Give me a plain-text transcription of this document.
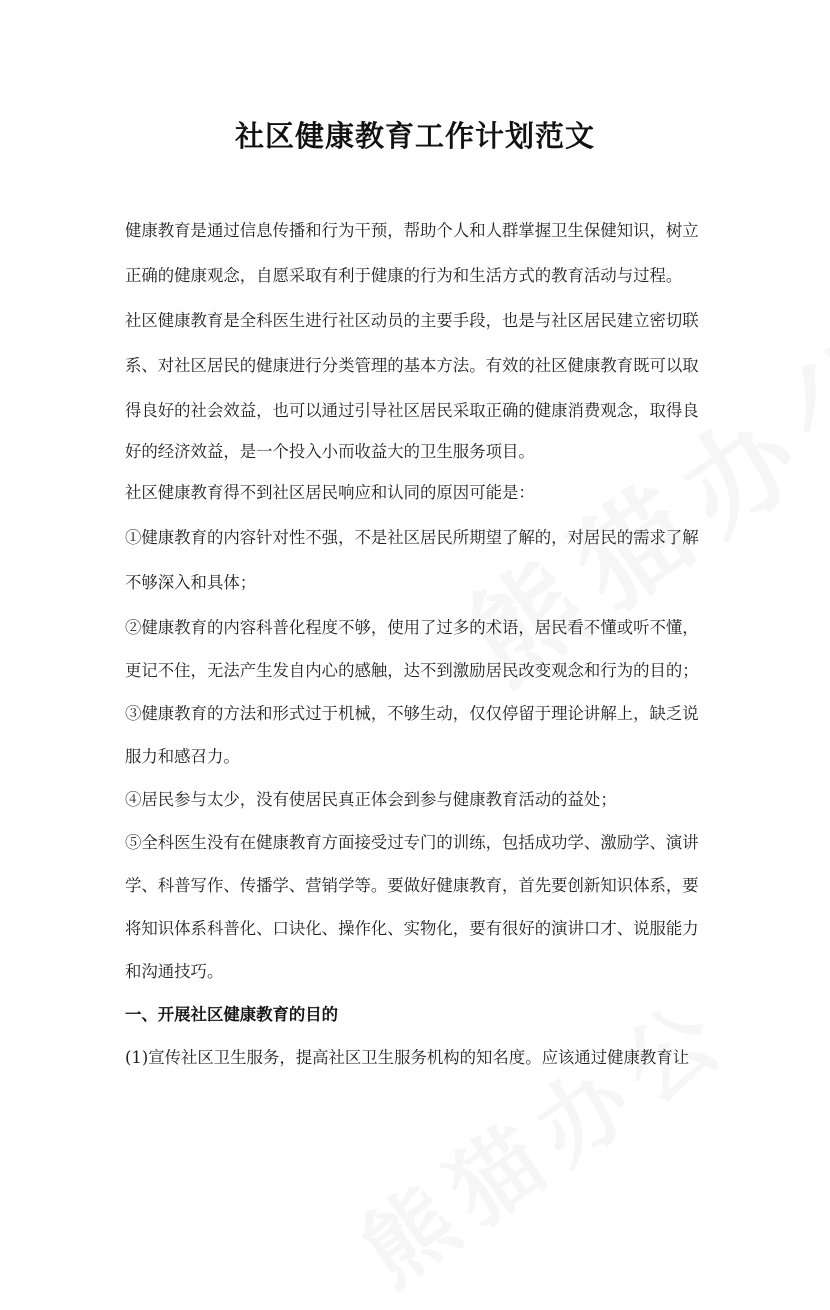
社区健康教育工作计划范文
健康教育是通过信息传播和行为干预，帮助个人和人群掌握卫生保健知识，树立
正确的健康观念，自愿采取有利于健康的行为和生活方式的教育活动与过程。
社区健康教育是全科医生进行社区动员的主要手段，也是与社区居民建立密切联
系、对社区居民的健康进行分类管理的基本方法。有效的社区健康教育既可以取
得良好的社会效益，也可以通过引导社区居民采取正确的健康消费观念，取得良
好的经济效益，是一个投入小而收益大的卫生服务项目。
社区健康教育得不到社区居民响应和认同的原因可能是：
①健康教育的内容针对性不强，不是社区居民所期望了解的，对居民的需求了解
不够深入和具体；
②健康教育的内容科普化程度不够，使用了过多的术语，居民看不懂或听不懂，
更记不住，无法产生发自内心的感触，达不到激励居民改变观念和行为的目的；
③健康教育的方法和形式过于机械，不够生动，仅仅停留于理论讲解上，缺乏说
服力和感召力。
④居民参与太少，没有使居民真正体会到参与健康教育活动的益处；
⑤全科医生没有在健康教育方面接受过专门的训练，包括成功学、激励学、演讲
学、科普写作、传播学、营销学等。要做好健康教育，首先要创新知识体系，要
将知识体系科普化、口诀化、操作化、实物化，要有很好的演讲口才、说服能力
和沟通技巧。
一、开展社区健康教育的目的
(1)宣传社区卫生服务，提高社区卫生服务机构的知名度。应该通过健康教育让
